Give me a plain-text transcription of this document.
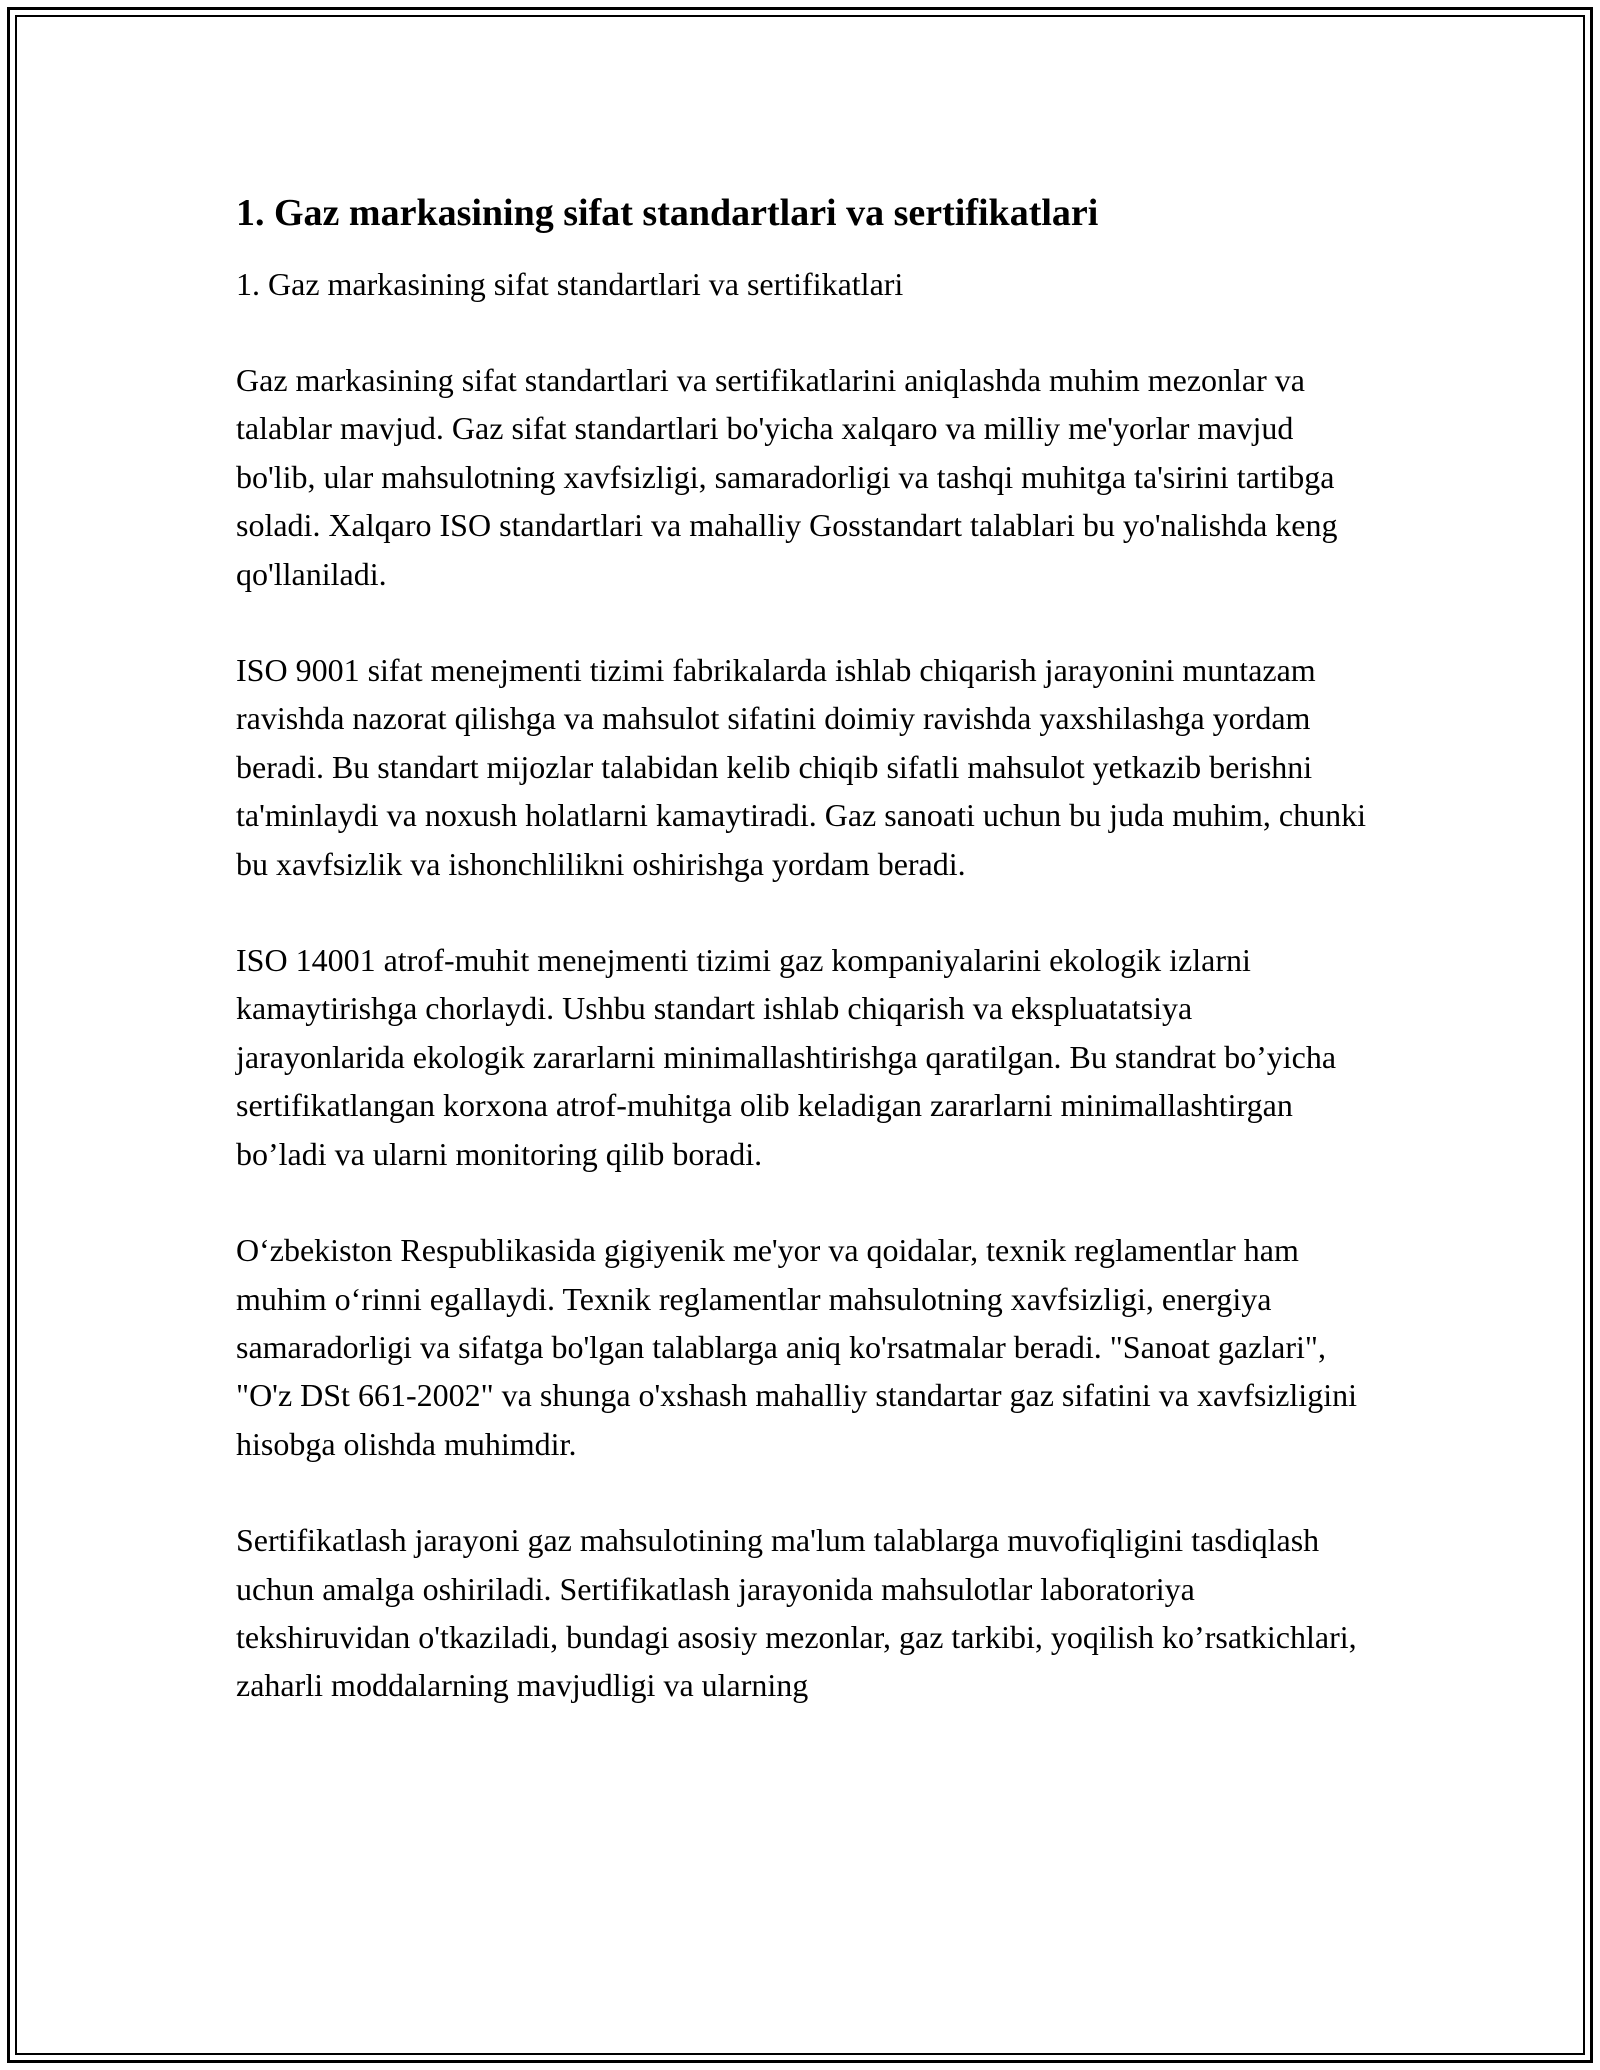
1. Gaz markasining sifat standartlari va sertifikatlari

1. Gaz markasining sifat standartlari va sertifikatlari

Gaz markasining sifat standartlari va sertifikatlarini aniqlashda muhim mezonlar va talablar mavjud. Gaz sifat standartlari bo'yicha xalqaro va milliy me'yorlar mavjud bo'lib, ular mahsulotning xavfsizligi, samaradorligi va tashqi muhitga ta'sirini tartibga soladi. Xalqaro ISO standartlari va mahalliy Gosstandart talablari bu yo'nalishda keng qo'llaniladi.

ISO 9001 sifat menejmenti tizimi fabrikalarda ishlab chiqarish jarayonini muntazam ravishda nazorat qilishga va mahsulot sifatini doimiy ravishda yaxshilashga yordam beradi. Bu standart mijozlar talabidan kelib chiqib sifatli mahsulot yetkazib berishni ta'minlaydi va noxush holatlarni kamaytiradi. Gaz sanoati uchun bu juda muhim, chunki bu xavfsizlik va ishonchlilikni oshirishga yordam beradi.

ISO 14001 atrof-muhit menejmenti tizimi gaz kompaniyalarini ekologik izlarni kamaytirishga chorlaydi. Ushbu standart ishlab chiqarish va ekspluatatsiya jarayonlarida ekologik zararlarni minimallashtirishga qaratilgan. Bu standrat bo’yicha sertifikatlangan korxona atrof-muhitga olib keladigan zararlarni minimallashtirgan bo’ladi va ularni monitoring qilib boradi.

O‘zbekiston Respublikasida gigiyenik me'yor va qoidalar, texnik reglamentlar ham muhim o‘rinni egallaydi. Texnik reglamentlar mahsulotning xavfsizligi, energiya samaradorligi va sifatga bo'lgan talablarga aniq ko'rsatmalar beradi. "Sanoat gazlari", "O'z DSt 661-2002" va shunga o'xshash mahalliy standartar gaz sifatini va xavfsizligini hisobga olishda muhimdir.

Sertifikatlash jarayoni gaz mahsulotining ma'lum talablarga muvofiqligini tasdiqlash uchun amalga oshiriladi. Sertifikatlash jarayonida mahsulotlar laboratoriya tekshiruvidan o'tkaziladi, bundagi asosiy mezonlar, gaz tarkibi, yoqilish ko’rsatkichlari, zaharli moddalarning mavjudligi va ularning
